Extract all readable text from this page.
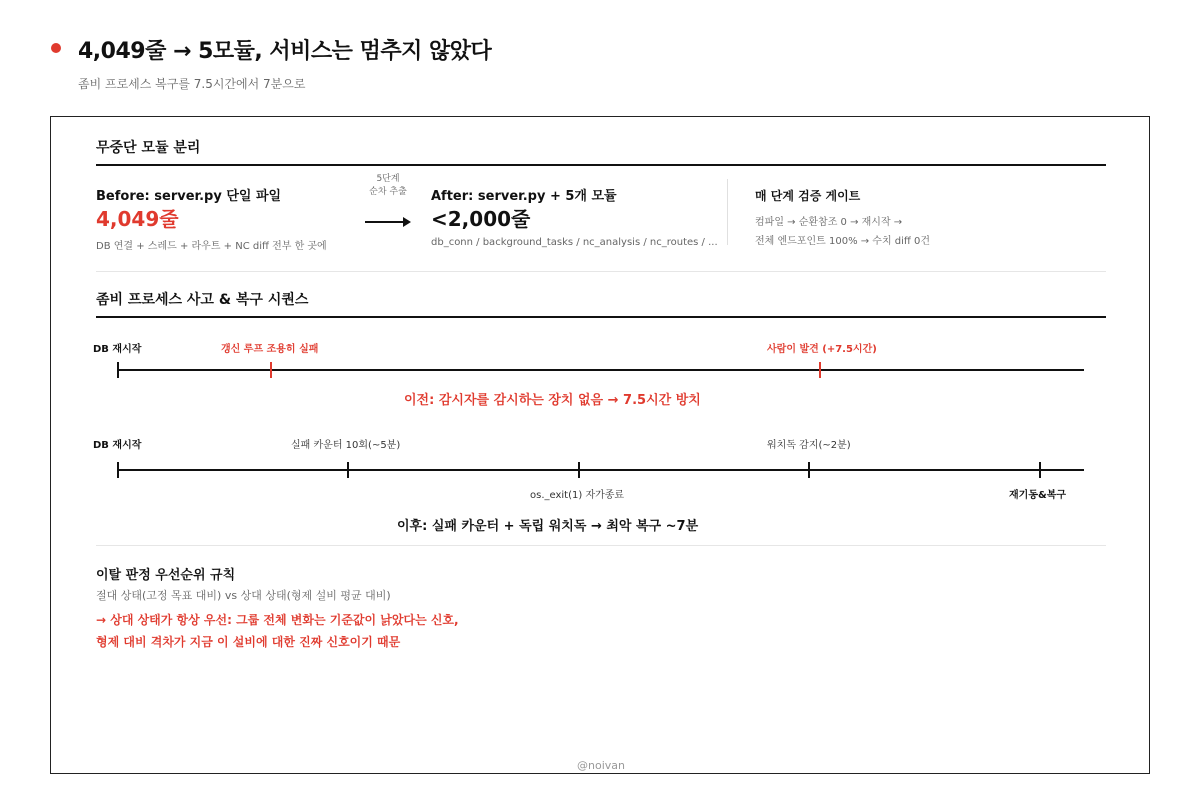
4,049줄 → 5모듈, 서비스는 멈추지 않았다
좀비 프로세스 복구를 7.5시간에서 7분으로
무중단 모듈 분리
Before: server.py 단일 파일
4,049줄
DB 연결 + 스레드 + 라우트 + NC diff 전부 한 곳에
5단계
순차 추출	After: server.py + 5개 모듈
<2,000줄
db_conn / background_tasks / nc_analysis / nc_routes / ...
매 단계 검증 게이트
컴파일 → 순환참조 0 → 재시작 →
전체 엔드포인트 100% → 수치 diff 0건
좀비 프로세스 사고 & 복구 시퀀스
DB 재시작	갱신 루프 조용히 실패	사람이 발견 (+7.5시간)
이전: 감시자를 감시하는 장치 없음 → 7.5시간 방치
DB 재시작	실패 카운터 10회(~5분)	워치독 감지(~2분)
os._exit(1) 자가종료	재기동&복구
이후: 실패 카운터 + 독립 워치독 → 최악 복구 ~7분
이탈 판정 우선순위 규칙
절대 상태(고정 목표 대비) vs 상대 상태(형제 설비 평균 대비)
→ 상대 상태가 항상 우선: 그룹 전체 변화는 기준값이 낡았다는 신호,
형제 대비 격차가 지금 이 설비에 대한 진짜 신호이기 때문
@noivan
